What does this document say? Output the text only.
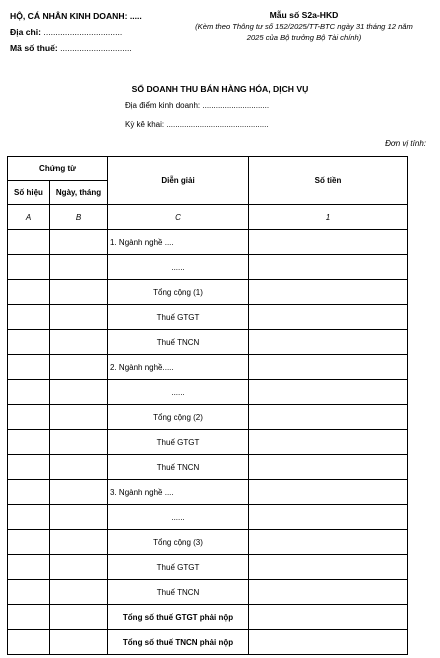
HỘ, CÁ NHÂN KINH DOANH: .....
Địa chỉ: .................................
Mã số thuế: ..............................
Mẫu số S2a-HKD
(Kèm theo Thông tư số 152/2025/TT-BTC ngày 31 tháng 12 năm 2025 của Bộ trưởng Bộ Tài chính)
SỔ DOANH THU BÁN HÀNG HÓA, DỊCH VỤ
Địa điểm kinh doanh: ..............................
Kỳ kê khai: ..............................................
Đơn vị tính:
Chứng từ		Diễn giải	Số tiền
Số hiệu	Ngày, tháng		
A	B	C	1
		1. Ngành nghề ....	
		......	
		Tổng cộng (1)	
		Thuế GTGT	
		Thuế TNCN	
		2. Ngành nghề.....	
		......	
		Tổng cộng (2)	
		Thuế GTGT	
		Thuế TNCN	
		3. Ngành nghề ....	
		......	
		Tổng cộng (3)	
		Thuế GTGT	
		Thuế TNCN	
		Tổng số thuế GTGT phải nộp	
		Tổng số thuế TNCN phải nộp	
